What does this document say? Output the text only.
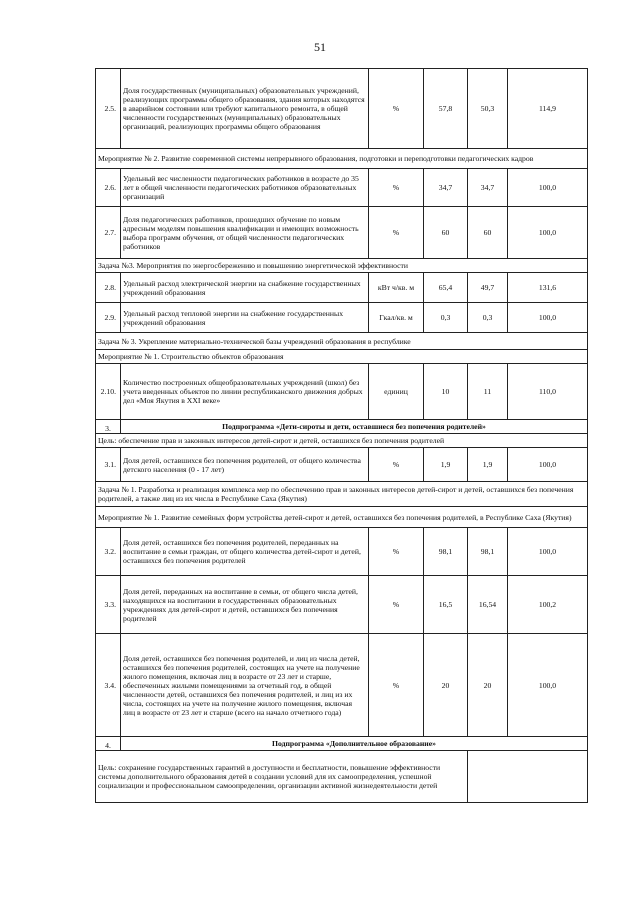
51
2.5.	Доля государственных (муниципальных) образовательных учреждений, реализующих программы общего образования, здания которых находятся в аварийном состоянии или требуют капитального ремонта, в общей численности государственных (муниципальных) образовательных организаций, реализующих программы общего образования	%	57,8	50,3	114,9
Мероприятие № 2. Развитие современной системы непрерывного образования, подготовки и переподготовки педагогических кадров					
2.6.	Удельный вес численности педагогических работников в возрасте до 35 лет в общей численности педагогических работников образовательных организаций	%	34,7	34,7	100,0
2.7.	Доля педагогических работников, прошедших обучение по новым адресным моделям повышения квалификации и имеющих возможность выбора программ обучения, от общей численности педагогических работников	%	60	60	100,0
Задача №3. Мероприятия по энергосбережению и повышению энергетической эффективности					
2.8.	Удельный расход электрической энергии на снабжение государственных учреждений образования	кВт ч/кв. м	65,4	49,7	131,6
2.9.	Удельный расход тепловой энергии на снабжение государственных учреждений образования	Гкал/кв. м	0,3	0,3	100,0
Задача № 3. Укрепление материально-технической базы учреждений образования в республике					
Мероприятие № 1. Строительство объектов образования					
2.10.	Количество построенных общеобразовательных учреждений (школ) без учета введенных объектов по линии республиканского движения добрых дел «Моя Якутия в XXI веке»	единиц	10	11	110,0
3.	Подпрограмма «Дети-сироты и дети, оставшиеся без попечения родителей»				
Цель: обеспечение прав и законных интересов детей-сирот и детей, оставшихся без попечения родителей					
3.1.	Доля детей, оставшихся без попечения родителей, от общего количества детского населения (0 - 17 лет)	%	1,9	1,9	100,0
Задача № 1. Разработка и реализация комплекса мер по обеспечению прав и законных интересов детей-сирот и детей, оставшихся без попечения родителей, а также лиц из их числа в Республике Саха (Якутия)					
Мероприятие № 1. Развитие семейных форм устройства детей-сирот и детей, оставшихся без попечения родителей, в Республике Саха (Якутия)					
3.2.	Доля детей, оставшихся без попечения родителей, переданных на воспитание в семьи граждан, от общего количества детей-сирот и детей, оставшихся без попечения родителей	%	98,1	98,1	100,0
3.3.	Доля детей, переданных на воспитание в семьи, от общего числа детей, находящихся на воспитании в государственных образовательных учреждениях для детей-сирот и детей, оставшихся без попечения родителей	%	16,5	16,54	100,2
3.4.	Доля детей, оставшихся без попечения родителей, и лиц из числа детей, оставшихся без попечения родителей, состоящих на учете на получение жилого помещения, включая лиц в возрасте от 23 лет и старше, обеспеченных жилыми помещениями за отчетный год, в общей численности детей, оставшихся без попечения родителей, и лиц из их числа, состоящих на учете на получение жилого помещения, включая лиц в возрасте от 23 лет и старше (всего на начало отчетного года)	%	20	20	100,0
4.	Подпрограмма «Дополнительное образование»				
Цель: сохранение государственных гарантий в доступности и бесплатности, повышение эффективности системы дополнительного образования детей в создании условий для их самоопределения, успешной социализации и профессиональном самоопределении, организации активной жизнедеятельности детей					
